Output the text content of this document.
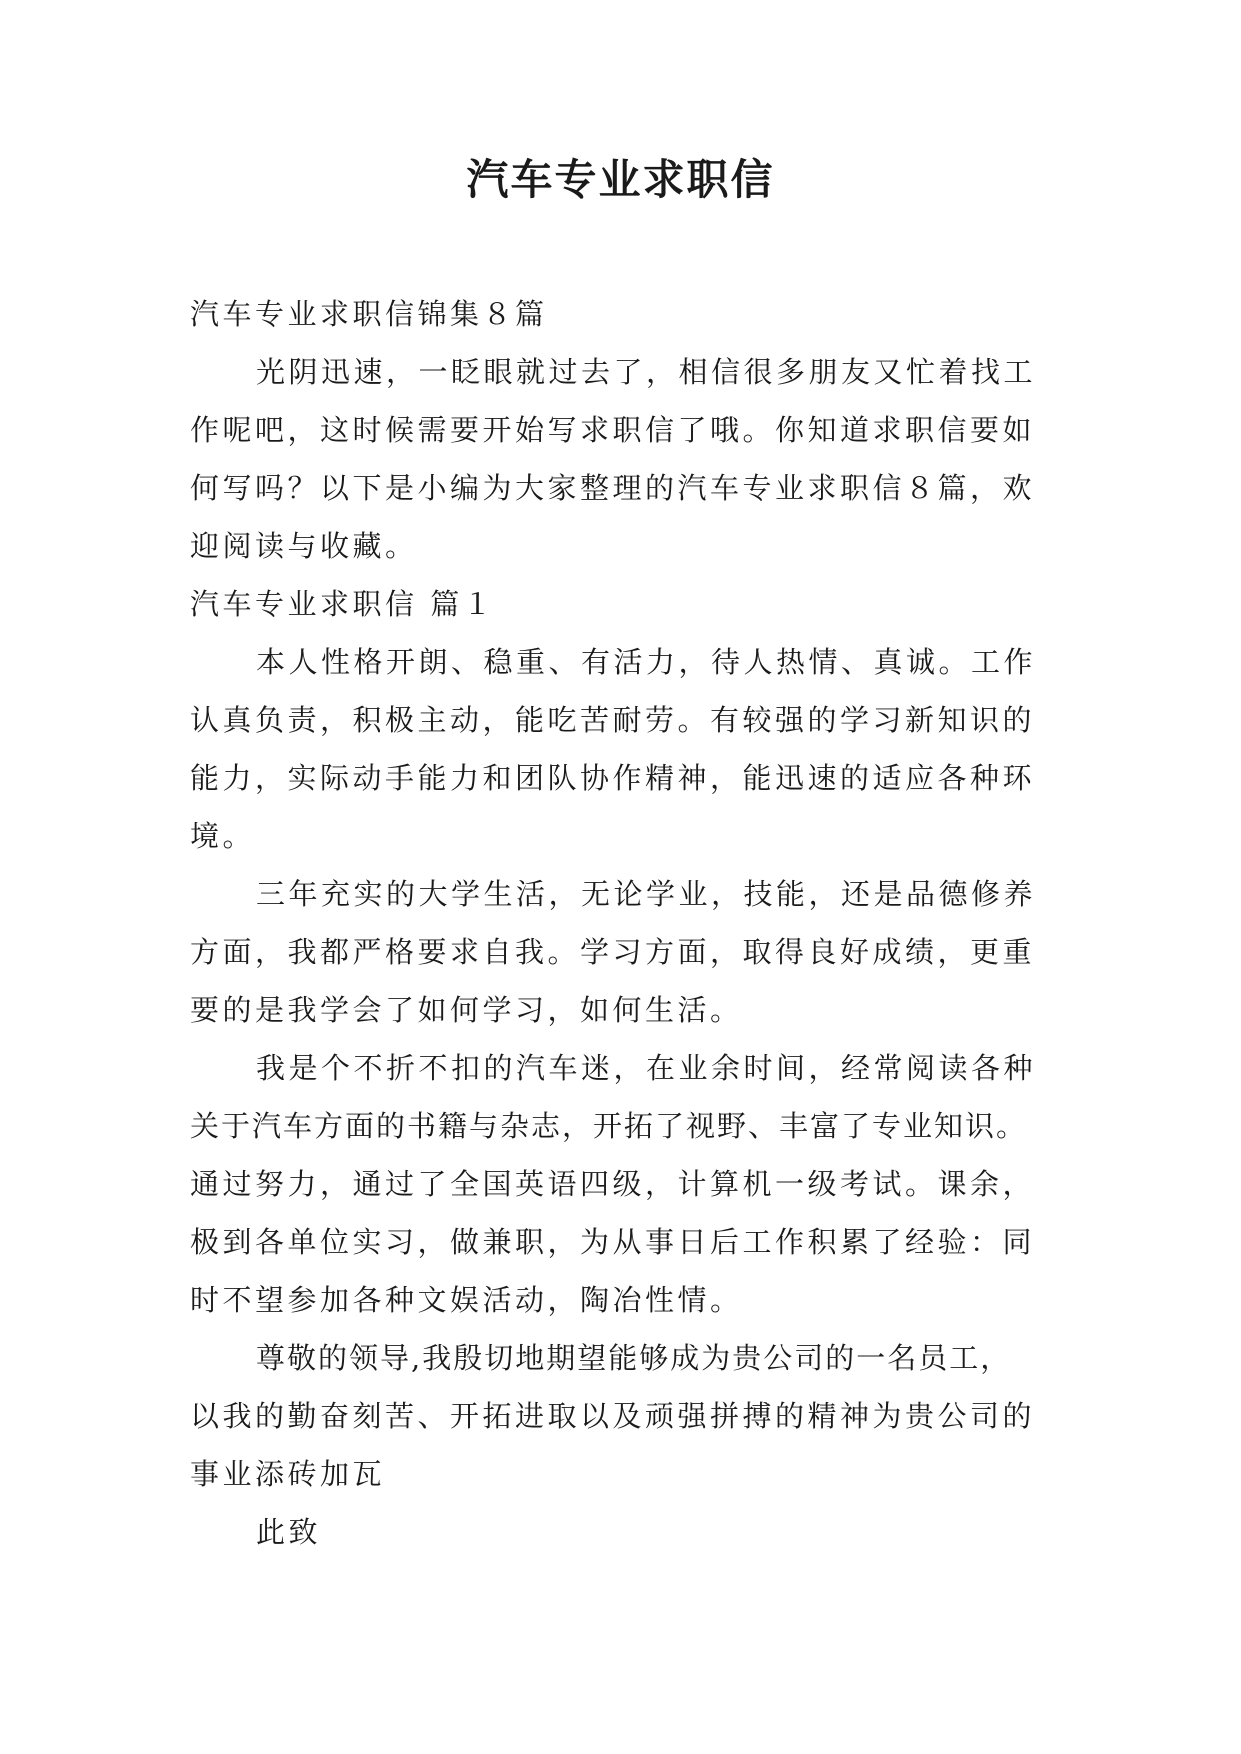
汽车专业求职信

汽车专业求职信锦集８篇

光阴迅速，一眨眼就过去了，相信很多朋友又忙着找工

作呢吧，这时候需要开始写求职信了哦。你知道求职信要如

何写吗？以下是小编为大家整理的汽车专业求职信８篇，欢

迎阅读与收藏。

汽车专业求职信 篇１

本人性格开朗、稳重、有活力，待人热情、真诚。工作

认真负责，积极主动，能吃苦耐劳。有较强的学习新知识的

能力，实际动手能力和团队协作精神，能迅速的适应各种环

境。

三年充实的大学生活，无论学业，技能，还是品德修养

方面，我都严格要求自我。学习方面，取得良好成绩，更重

要的是我学会了如何学习，如何生活。

我是个不折不扣的汽车迷，在业余时间，经常阅读各种

关于汽车方面的书籍与杂志，开拓了视野、丰富了专业知识。

通过努力，通过了全国英语四级，计算机一级考试。课余，

极到各单位实习，做兼职，为从事日后工作积累了经验：同

时不望参加各种文娱活动，陶冶性情。

尊敬的领导,我殷切地期望能够成为贵公司的一名员工，

以我的勤奋刻苦、开拓进取以及顽强拼搏的精神为贵公司的

事业添砖加瓦

此致
